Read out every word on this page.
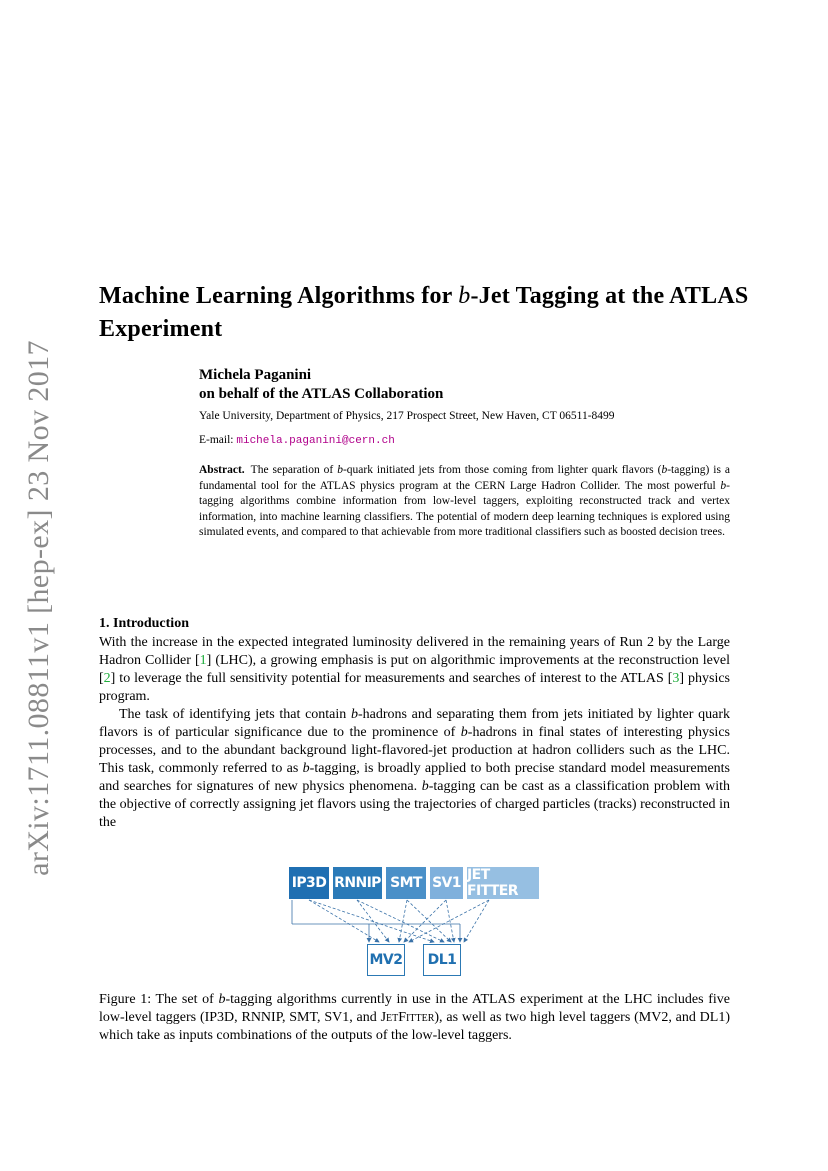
arXiv:1711.08811v1 [hep-ex] 23 Nov 2017
Machine Learning Algorithms for b-Jet Tagging at the ATLAS Experiment
Michela Paganini
on behalf of the ATLAS Collaboration
Yale University, Department of Physics, 217 Prospect Street, New Haven, CT 06511-8499
E-mail: michela.paganini@cern.ch
Abstract. The separation of b-quark initiated jets from those coming from lighter quark flavors (b-tagging) is a fundamental tool for the ATLAS physics program at the CERN Large Hadron Collider. The most powerful b-tagging algorithms combine information from low-level taggers, exploiting reconstructed track and vertex information, into machine learning classifiers. The potential of modern deep learning techniques is explored using simulated events, and compared to that achievable from more traditional classifiers such as boosted decision trees.
1. Introduction

With the increase in the expected integrated luminosity delivered in the remaining years of Run 2 by the Large Hadron Collider [1] (LHC), a growing emphasis is put on algorithmic improvements at the reconstruction level [2] to leverage the full sensitivity potential for measurements and searches of interest to the ATLAS [3] physics program.

The task of identifying jets that contain b-hadrons and separating them from jets initiated by lighter quark flavors is of particular significance due to the prominence of b-hadrons in final states of interesting physics processes, and to the abundant background light-flavored-jet production at hadron colliders such as the LHC. This task, commonly referred to as b-tagging, is broadly applied to both precise standard model measurements and searches for signatures of new physics phenomena. b-tagging can be cast as a classification problem with the objective of correctly assigning jet flavors using the trajectories of charged particles (tracks) reconstructed in the

IP3D RNNIP SMT SV1 JET FITTER
MV2	DL1
Figure 1: The set of b-tagging algorithms currently in use in the ATLAS experiment at the LHC includes five low-level taggers (IP3D, RNNIP, SMT, SV1, and JetFitter), as well as two high level taggers (MV2, and DL1) which take as inputs combinations of the outputs of the low-level taggers.
